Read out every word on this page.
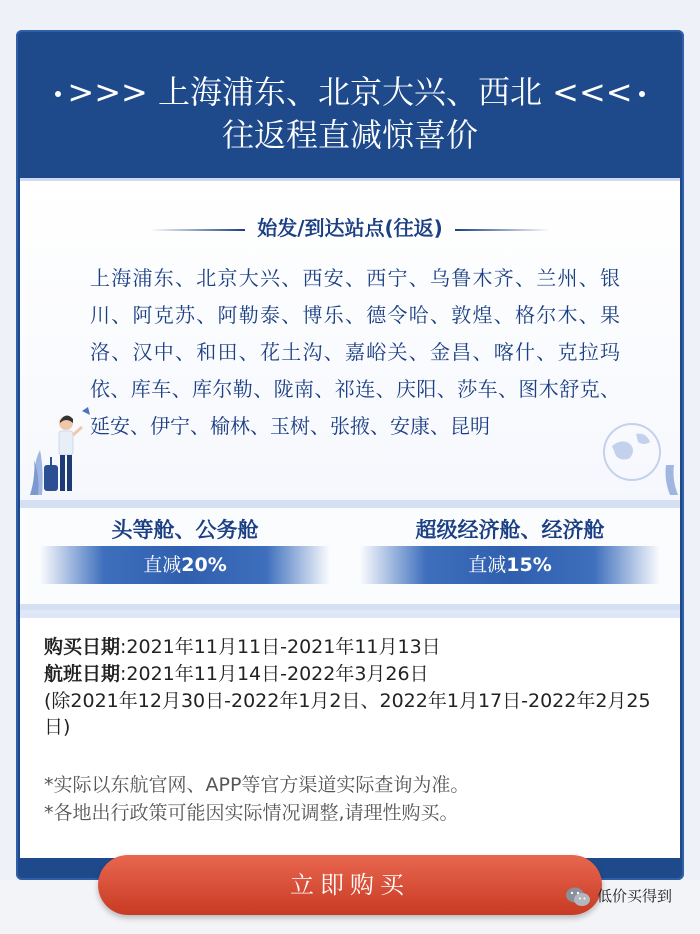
>>> 上海浦东、北京大兴、西北 <<<
往返程直减惊喜价
始发/到达站点(往返)
上海浦东、北京大兴、西安、西宁、乌鲁木齐、兰州、银川、阿克苏、阿勒泰、博乐、德令哈、敦煌、格尔木、果洛、汉中、和田、花土沟、嘉峪关、金昌、喀什、克拉玛依、库车、库尔勒、陇南、祁连、庆阳、莎车、图木舒克、延安、伊宁、榆林、玉树、张掖、安康、昆明
头等舱、公务舱	超级经济舱、经济舱
直减20%	直减15%
购买日期:2021年11月11日-2021年11月13日
航班日期:2021年11月14日-2022年3月26日
(除2021年12月30日-2022年1月2日、2022年1月17日-2022年2月25日)
*实际以东航官网、APP等官方渠道实际查询为准。
*各地出行政策可能因实际情况调整,请理性购买。
立即购买	低价买得到
